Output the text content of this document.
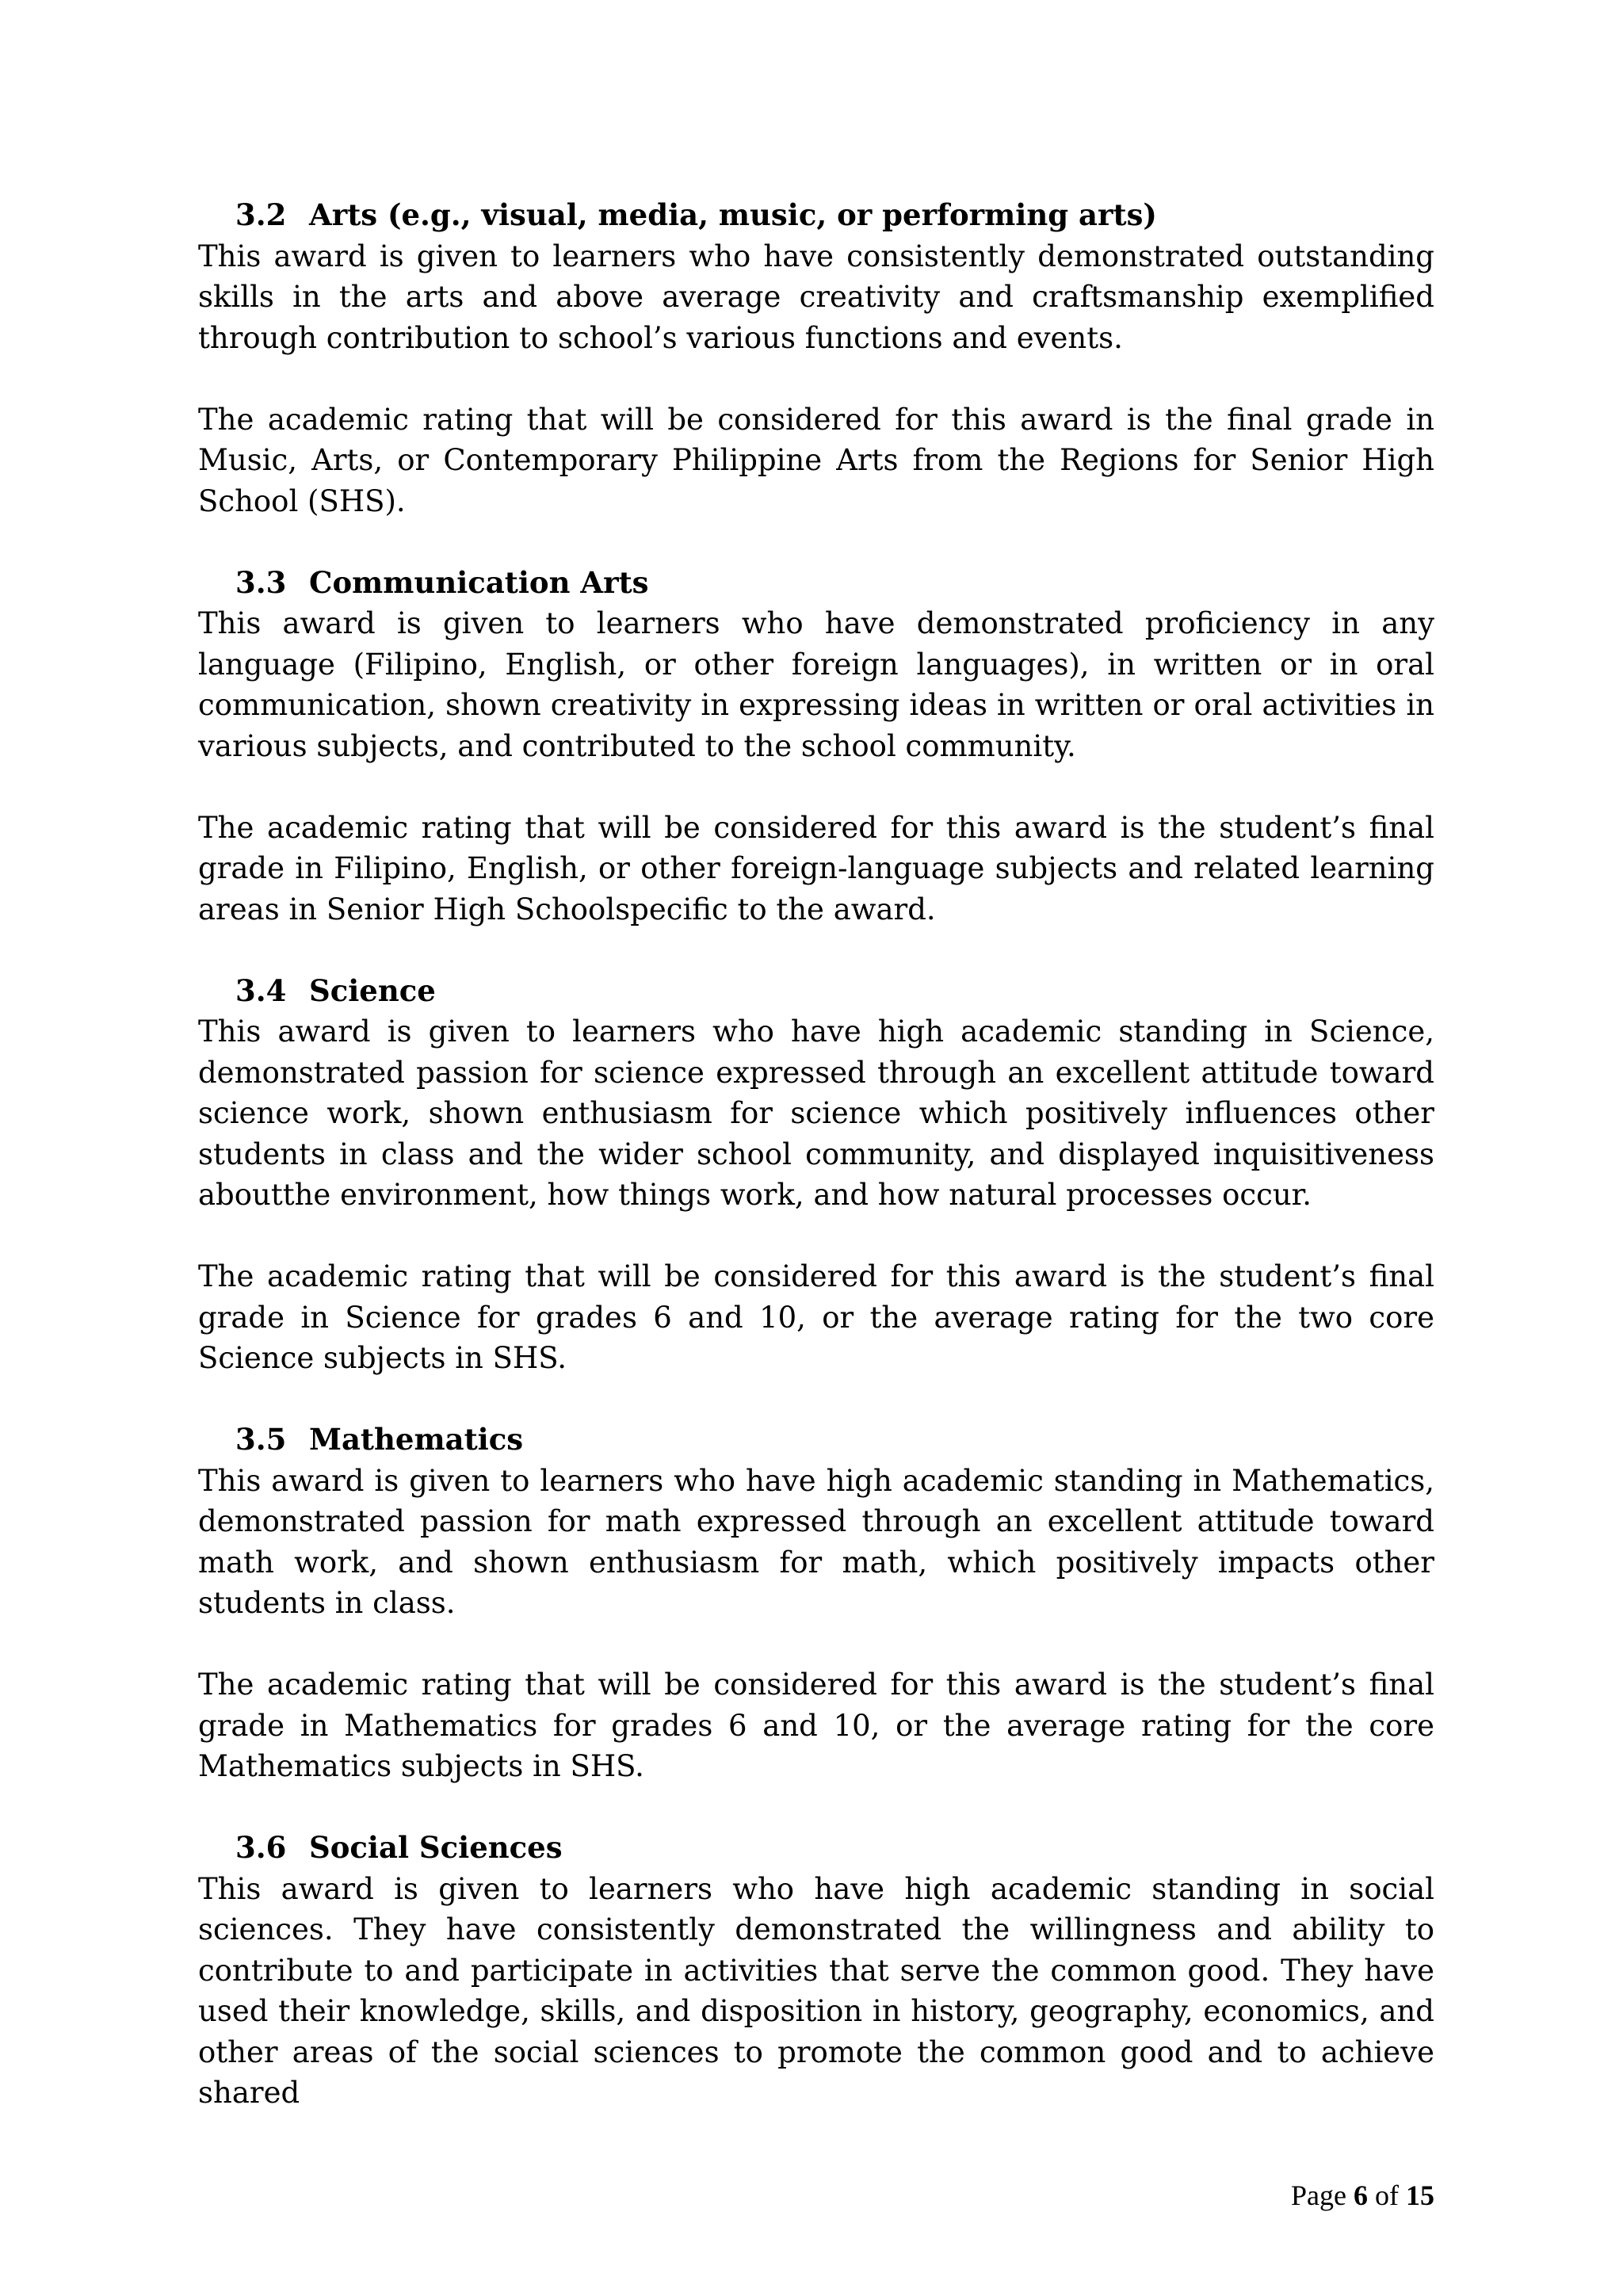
3.2 Arts (e.g., visual, media, music, or performing arts)

This award is given to learners who have consistently demonstrated outstanding skills in the arts and above average creativity and craftsmanship exemplified through contribution to school’s various functions and events.

The academic rating that will be considered for this award is the final grade in Music, Arts, or Contemporary Philippine Arts from the Regions for Senior High School (SHS).

3.3 Communication Arts

This award is given to learners who have demonstrated proficiency in any language (Filipino, English, or other foreign languages), in written or in oral communication, shown creativity in expressing ideas in written or oral activities in various subjects, and contributed to the school community.

The academic rating that will be considered for this award is the student’s final grade in Filipino, English, or other foreign-language subjects and related learning areas in Senior High Schoolspecific to the award.

3.4 Science

This award is given to learners who have high academic standing in Science, demonstrated passion for science expressed through an excellent attitude toward science work, shown enthusiasm for science which positively influences other students in class and the wider school community, and displayed inquisitiveness aboutthe environment, how things work, and how natural processes occur.

The academic rating that will be considered for this award is the student’s final grade in Science for grades 6 and 10, or the average rating for the two core Science subjects in SHS.

3.5 Mathematics

This award is given to learners who have high academic standing in Mathematics, demonstrated passion for math expressed through an excellent attitude toward math work, and shown enthusiasm for math, which positively impacts other students in class.

The academic rating that will be considered for this award is the student’s final grade in Mathematics for grades 6 and 10, or the average rating for the core Mathematics subjects in SHS.

3.6 Social Sciences

This award is given to learners who have high academic standing in social sciences. They have consistently demonstrated the willingness and ability to contribute to and participate in activities that serve the common good. They have used their knowledge, skills, and disposition in history, geography, economics, and other areas of the social sciences to promote the common good and to achieve shared

Page 6 of 15
